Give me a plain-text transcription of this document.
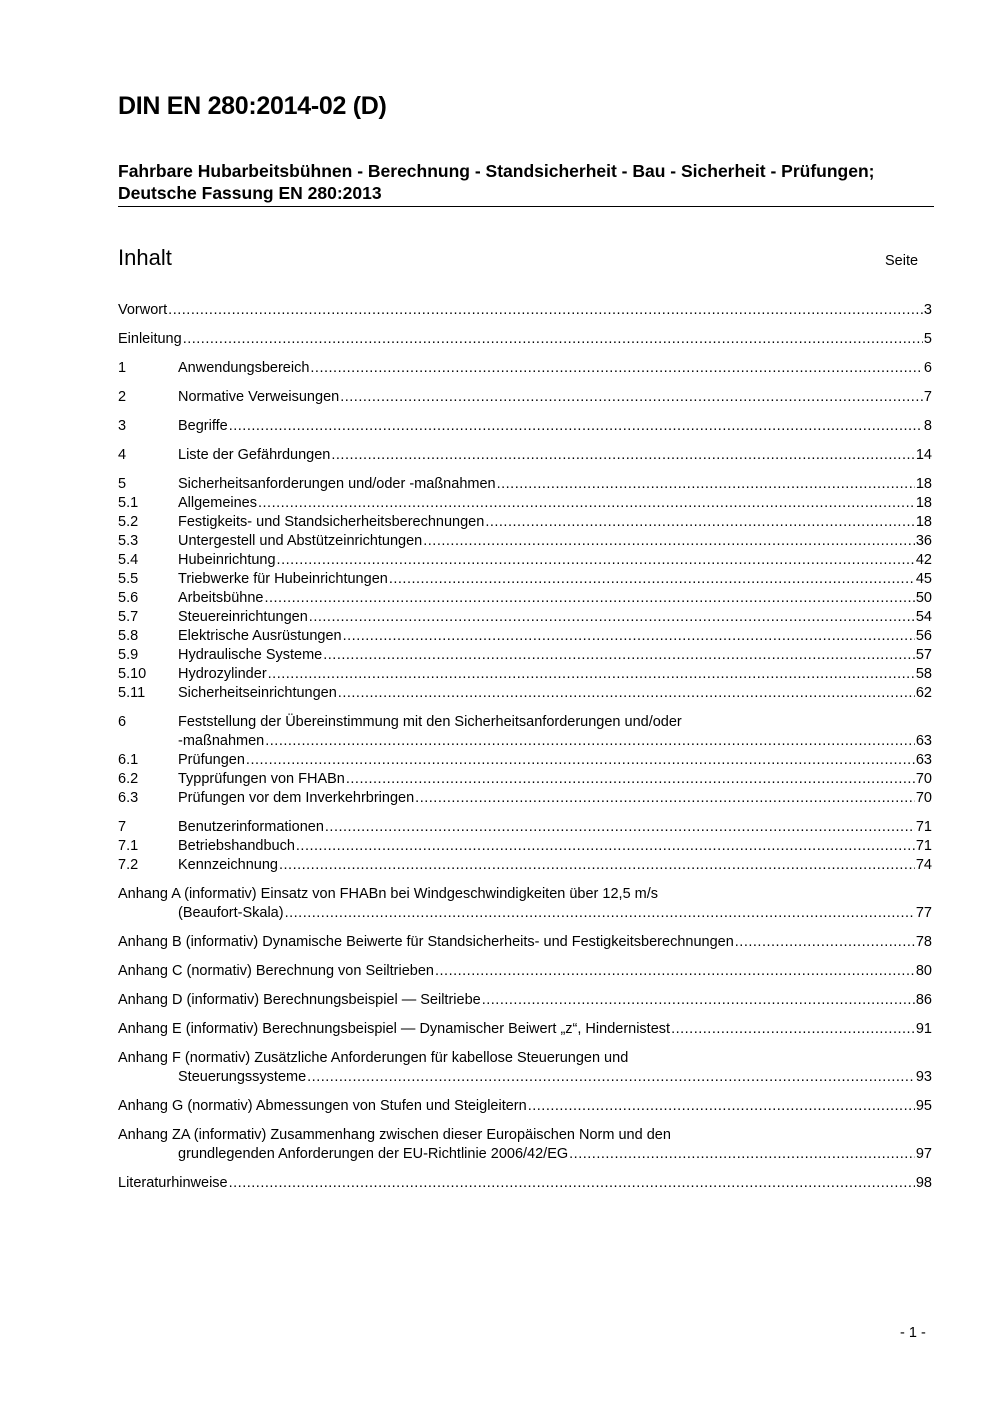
DIN EN 280:2014-02 (D)
Fahrbare Hubarbeitsbühnen - Berechnung - Standsicherheit - Bau - Sicherheit - Prüfungen; Deutsche Fassung EN 280:2013
Inhalt	Seite
Vorwort .....	3
Einleitung .....	5
1	Anwendungsbereich .....	6
2	Normative Verweisungen .....	7
3	Begriffe .....	8
4	Liste der Gefährdungen .....	14
5	Sicherheitsanforderungen und/oder -maßnahmen .....	18
5.1	Allgemeines .....	18
5.2	Festigkeits- und Standsicherheitsberechnungen .....	18
5.3	Untergestell und Abstützeinrichtungen .....	36
5.4	Hubeinrichtung .....	42
5.5	Triebwerke für Hubeinrichtungen .....	45
5.6	Arbeitsbühne .....	50
5.7	Steuereinrichtungen .....	54
5.8	Elektrische Ausrüstungen .....	56
5.9	Hydraulische Systeme .....	57
5.10	Hydrozylinder .....	58
5.11	Sicherheitseinrichtungen .....	62
6	Feststellung der Übereinstimmung mit den Sicherheitsanforderungen und/oder
-maßnahmen .....	63
6.1	Prüfungen .....	63
6.2	Typprüfungen von FHABn .....	70
6.3	Prüfungen vor dem Inverkehrbringen .....	70
7	Benutzerinformationen .....	71
7.1	Betriebshandbuch .....	71
7.2	Kennzeichnung .....	74
Anhang A (informativ) Einsatz von FHABn bei Windgeschwindigkeiten über 12,5 m/s
(Beaufort-Skala) .....	77
Anhang B (informativ) Dynamische Beiwerte für Standsicherheits- und Festigkeitsberechnungen .....	78
Anhang C (normativ) Berechnung von Seiltrieben .....	80
Anhang D (informativ) Berechnungsbeispiel — Seiltriebe .....	86
Anhang E (informativ) Berechnungsbeispiel — Dynamischer Beiwert „z“, Hindernistest .....	91
Anhang F (normativ) Zusätzliche Anforderungen für kabellose Steuerungen und
Steuerungssysteme .....	93
Anhang G (normativ) Abmessungen von Stufen und Steigleitern .....	95
Anhang ZA (informativ) Zusammenhang zwischen dieser Europäischen Norm und den
grundlegenden Anforderungen der EU-Richtlinie 2006/42/EG .....	97
Literaturhinweise .....	98
- 1 -
